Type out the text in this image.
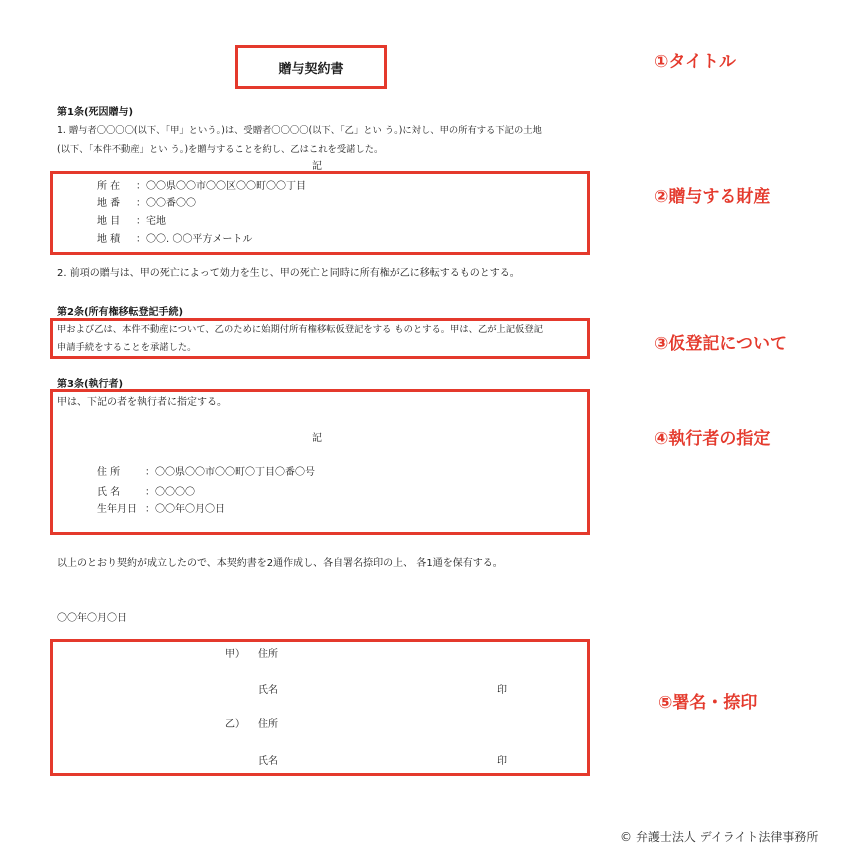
贈与契約書
第1条(死因贈与)
1. 贈与者〇〇〇〇(以下、「甲」という。)は、受贈者〇〇〇〇(以下、「乙」とい う。)に対し、甲の所有する下記の土地
(以下、「本件不動産」とい う。)を贈与することを約し、乙はこれを受諾した。
記
所 在 ：〇〇県〇〇市〇〇区〇〇町〇〇丁目
地 番 ：〇〇番〇〇
地 目 ：宅地
地 積 ：〇〇. 〇〇平方メートル
2. 前項の贈与は、甲の死亡によって効力を生じ、甲の死亡と同時に所有権が乙に移転するものとする。
第2条(所有権移転登記手続)
甲および乙は、本件不動産について、乙のために始期付所有権移転仮登記をする ものとする。甲は、乙が上記仮登記
申請手続をすることを承諾した。
第3条(執行者)
甲は、下記の者を執行者に指定する。
記
住 所 ：〇〇県〇〇市〇〇町〇丁目〇番〇号
氏 名 ：〇〇〇〇
生年月日 ：〇〇年〇月〇日
以上のとおり契約が成立したので、本契約書を2通作成し、各自署名捺印の上、 各1通を保有する。
〇〇年〇月〇日
甲） 住所
氏名	印
乙） 住所
氏名	印
①タイトル
②贈与する財産
③仮登記について
④執行者の指定
⑤署名・捺印
© 弁護士法人 デイライト法律事務所
